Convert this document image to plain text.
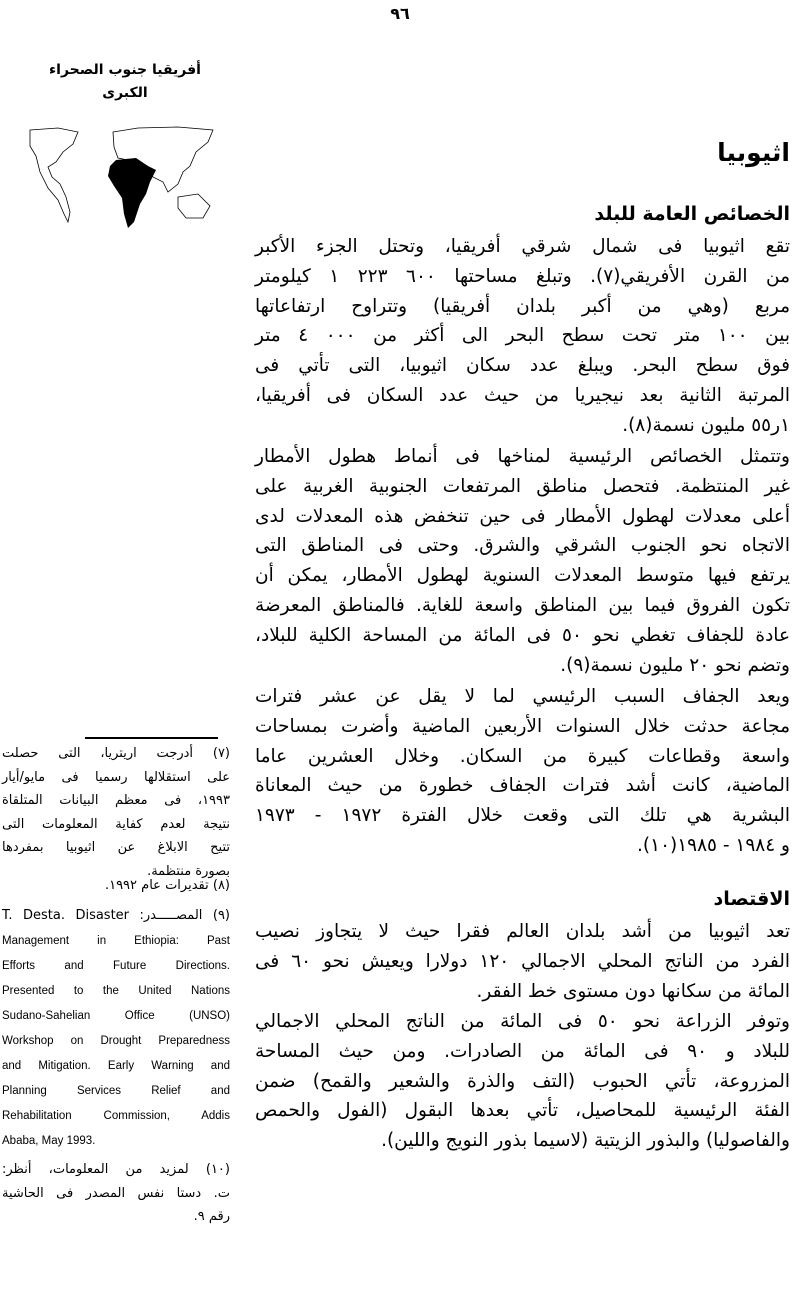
٩٦
أفريقيا جنوب الصحراء
الكبرى
اثيوبيا
الخصائص العامة للبلد
الاقتصاد
تقع اثيوبيا فى شمال شرقي أفريقيا، وتحتل الجزء الأكبر
من القرن الأفريقي(٧). وتبلغ مساحتها ٦٠٠ ٢٢٣ ١ كيلومتر
مربع (وهي من أكبر بلدان أفريقيا) وتتراوح ارتفاعاتها
بين ١٠٠ متر تحت سطح البحر الى أكثر من ٠٠٠ ٤ متر
فوق سطح البحر. ويبلغ عدد سكان اثيوبيا، التى تأتي فى
المرتبة الثانية بعد نيجيريا من حيث عدد السكان فى أفريقيا،
١ر٥٥ مليون نسمة(٨).
وتتمثل الخصائص الرئيسية لمناخها فى أنماط هطول الأمطار
غير المنتظمة. فتحصل مناطق المرتفعات الجنوبية الغربية على
أعلى معدلات لهطول الأمطار فى حين تنخفض هذه المعدلات لدى
الاتجاه نحو الجنوب الشرقي والشرق. وحتى فى المناطق التى
يرتفع فيها متوسط المعدلات السنوية لهطول الأمطار، يمكن أن
تكون الفروق فيما بين المناطق واسعة للغاية. فالمناطق المعرضة
عادة للجفاف تغطي نحو ٥٠ فى المائة من المساحة الكلية للبلاد،
وتضم نحو ٢٠ مليون نسمة(٩).
ويعد الجفاف السبب الرئيسي لما لا يقل عن عشر فترات
مجاعة حدثت خلال السنوات الأربعين الماضية وأضرت بمساحات
واسعة وقطاعات كبيرة من السكان. وخلال العشرين عاما
الماضية، كانت أشد فترات الجفاف خطورة من حيث المعاناة
البشرية هي تلك التى وقعت خلال الفترة ١٩٧٢ - ١٩٧٣
و ١٩٨٤ - ١٩٨٥(١٠).
تعد اثيوبيا من أشد بلدان العالم فقرا حيث لا يتجاوز نصيب
الفرد من الناتج المحلي الاجمالي ١٢٠ دولارا ويعيش نحو ٦٠ فى
المائة من سكانها دون مستوى خط الفقر.
وتوفر الزراعة نحو ٥٠ فى المائة من الناتج المحلي الاجمالي
للبلاد و ٩٠ فى المائة من الصادرات. ومن حيث المساحة
المزروعة، تأتي الحبوب (التف والذرة والشعير والقمح) ضمن
الفئة الرئيسية للمحاصيل، تأتي بعدها البقول (الفول والحمص
والفاصوليا) والبذور الزيتية (لاسيما بذور النويج واللين).
(٧) أدرجت اريتريا، التى حصلت
على استقلالها رسميا فى مايو/أيار
١٩٩٣، فى معظم البيانات المتلقاة
نتيجة لعدم كفاية المعلومات التى
تتيح الابلاغ عن اثيوبيا بمفردها
بصورة منتظمة.
(٨) تقديرات عام ١٩٩٢.
(٩) المصـــــدر: T. Desta. Disaster
Management in Ethiopia: Past
Efforts and Future Directions.
Presented to the United Nations
Sudano-Sahelian Office (UNSO)
Workshop on Drought Preparedness
and Mitigation. Early Warning and
Planning Services Relief and
Rehabilitation Commission, Addis
Ababa, May 1993.
(١٠) لمزيد من المعلومات، أنظر:
ت. دستا نفس المصدر فى الحاشية
رقم ٩.
